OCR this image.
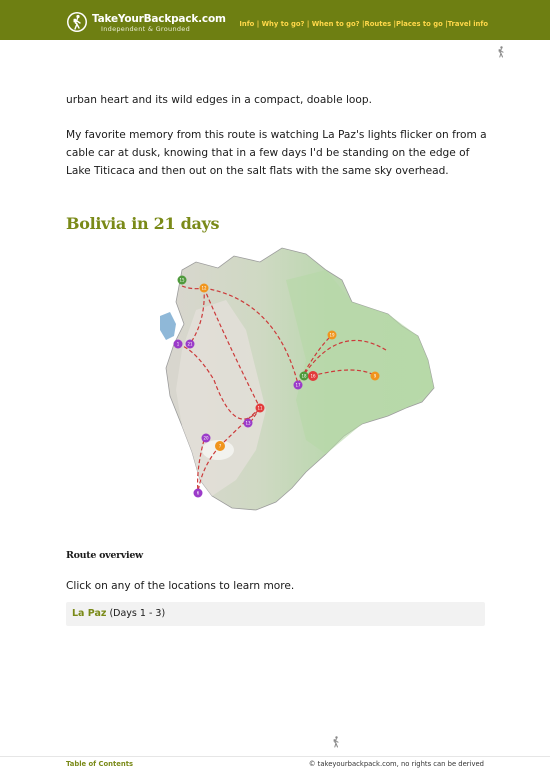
TakeYourBackpack.com
Independent & Grounded
Info | Why to go? | When to go? |Routes |Places to go |Travel info

urban heart and its wild edges in a compact, doable loop.

My favorite memory from this route is watching La Paz's lights flicker on from a cable car at dusk, knowing that in a few days I'd be standing on the edge of Lake Titicaca and then out on the salt flats with the same sky overhead.

Bolivia in 21 days
15
12
1 21
11
13
20
7
6
17
18 16
19
9
Route overview

Click on any of the locations to learn more.

La Paz (Days 1 - 3)
Table of Contents	© takeyourbackpack.com, no rights can be derived
